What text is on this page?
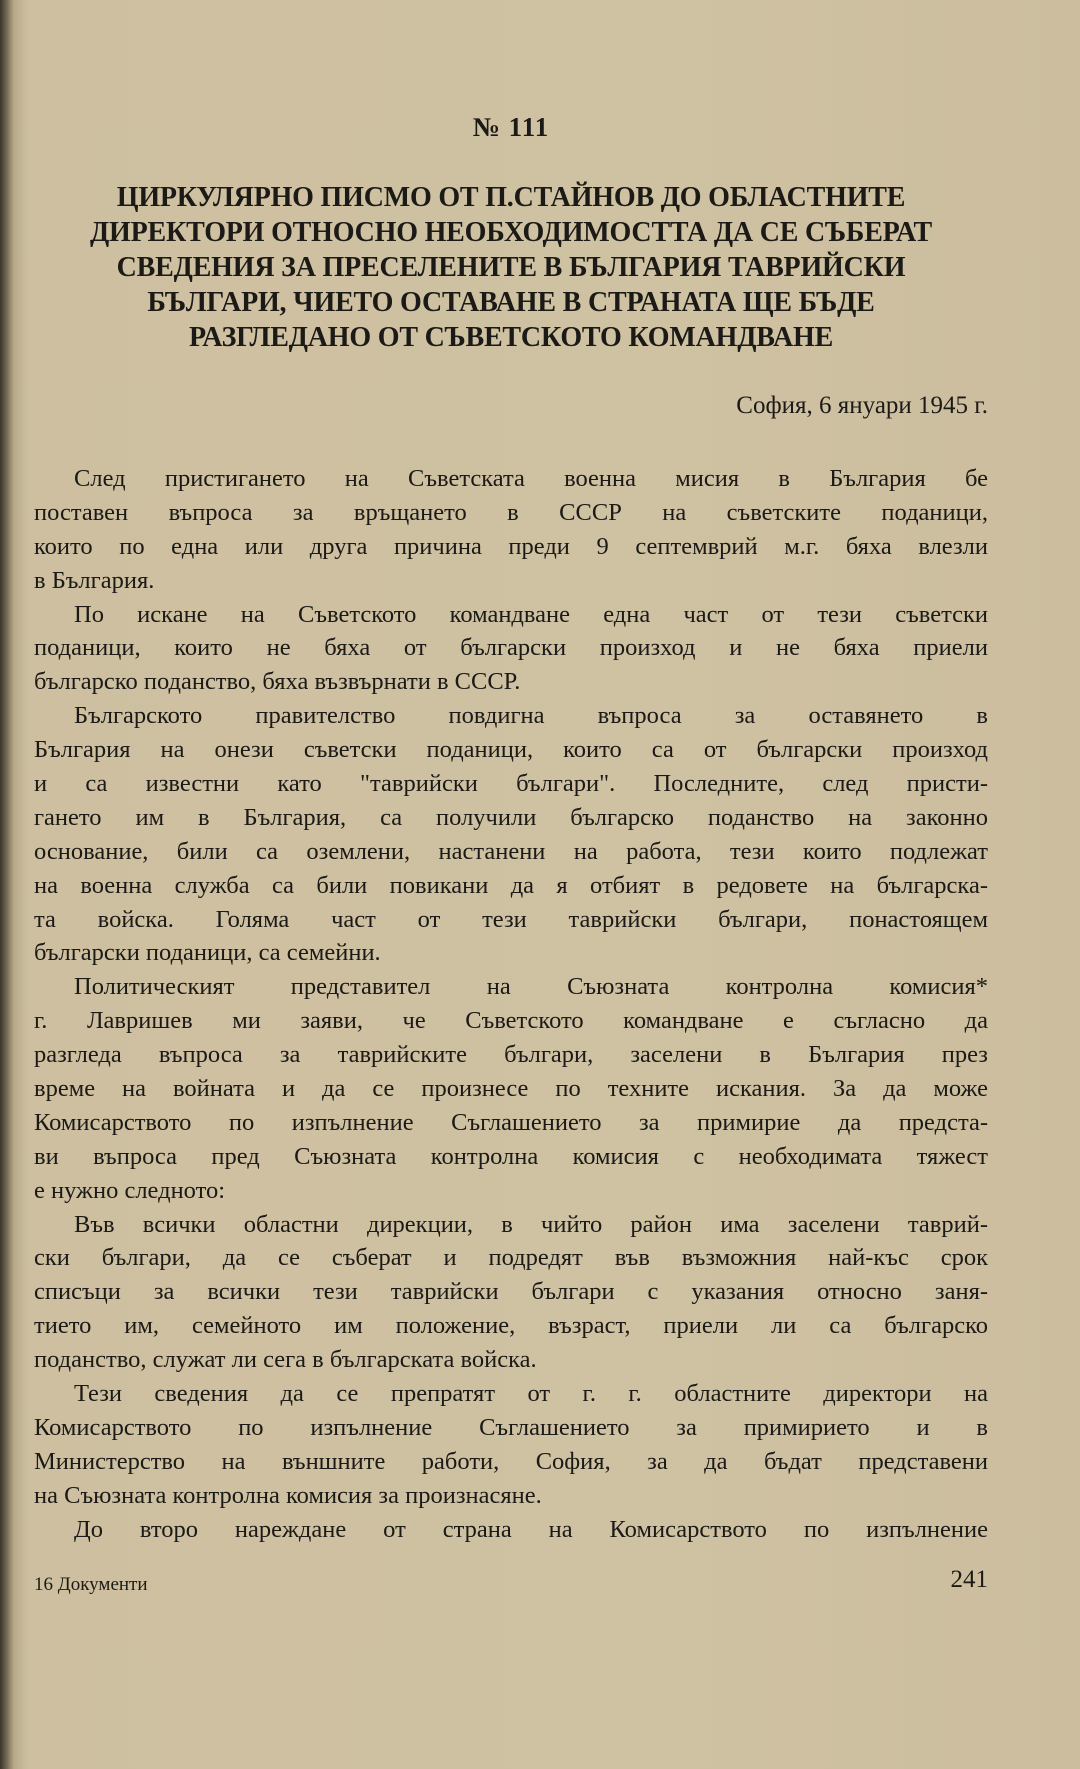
№ 111
ЦИРКУЛЯРНО ПИСМО ОТ П.СТАЙНОВ ДО ОБЛАСТНИТЕ
ДИРЕКТОРИ ОТНОСНО НЕОБХОДИМОСТТА ДА СЕ СЪБЕРАТ
СВЕДЕНИЯ ЗА ПРЕСЕЛЕНИТЕ В БЪЛГАРИЯ ТАВРИЙСКИ
БЪЛГАРИ, ЧИЕТО ОСТАВАНЕ В СТРАНАТА ЩЕ БЪДЕ
РАЗГЛЕДАНО ОТ СЪВЕТСКОТО КОМАНДВАНЕ
София, 6 януари 1945 г.
След пристигането на Съветската военна мисия в България бе
поставен въпроса за връщането в СССР на съветските поданици,
които по една или друга причина преди 9 септемврий м.г. бяха влезли
в България.
По искане на Съветското командване една част от тези съветски
поданици, които не бяха от български произход и не бяха приели
българско поданство, бяха възвърнати в СССР.
Българското правителство повдигна въпроса за оставянето в
България на онези съветски поданици, които са от български произход
и са известни като "таврийски българи". Последните, след присти-
гането им в България, са получили българско поданство на законно
основание, били са оземлени, настанени на работа, тези които подлежат
на военна служба са били повикани да я отбият в редовете на българска-
та войска. Голяма част от тези таврийски българи, понастоящем
български поданици, са семейни.
Политическият представител на Съюзната контролна комисия*
г. Лавришев ми заяви, че Съветското командване е съгласно да
разгледа въпроса за таврийските българи, заселени в България през
време на войната и да се произнесе по техните искания. За да може
Комисарството по изпълнение Съглашението за примирие да предста-
ви въпроса пред Съюзната контролна комисия с необходимата тяжест
е нужно следното:
Във всички областни дирекции, в чийто район има заселени таврий-
ски българи, да се съберат и подредят във възможния най-къс срок
списъци за всички тези таврийски българи с указания относно зaня-
тието им, семейното им положение, възраст, приели ли са българско
поданство, служат ли сега в българската войска.
Тези сведения да се препратят от г. г. областните директори на
Комисарството по изпълнение Съглашението за примирието и в
Министерство на външните работи, София, за да бъдат представени
на Съюзната контролна комисия за произнасяне.
До второ нареждане от страна на Комисарството по изпълнение
16 Документи	241
